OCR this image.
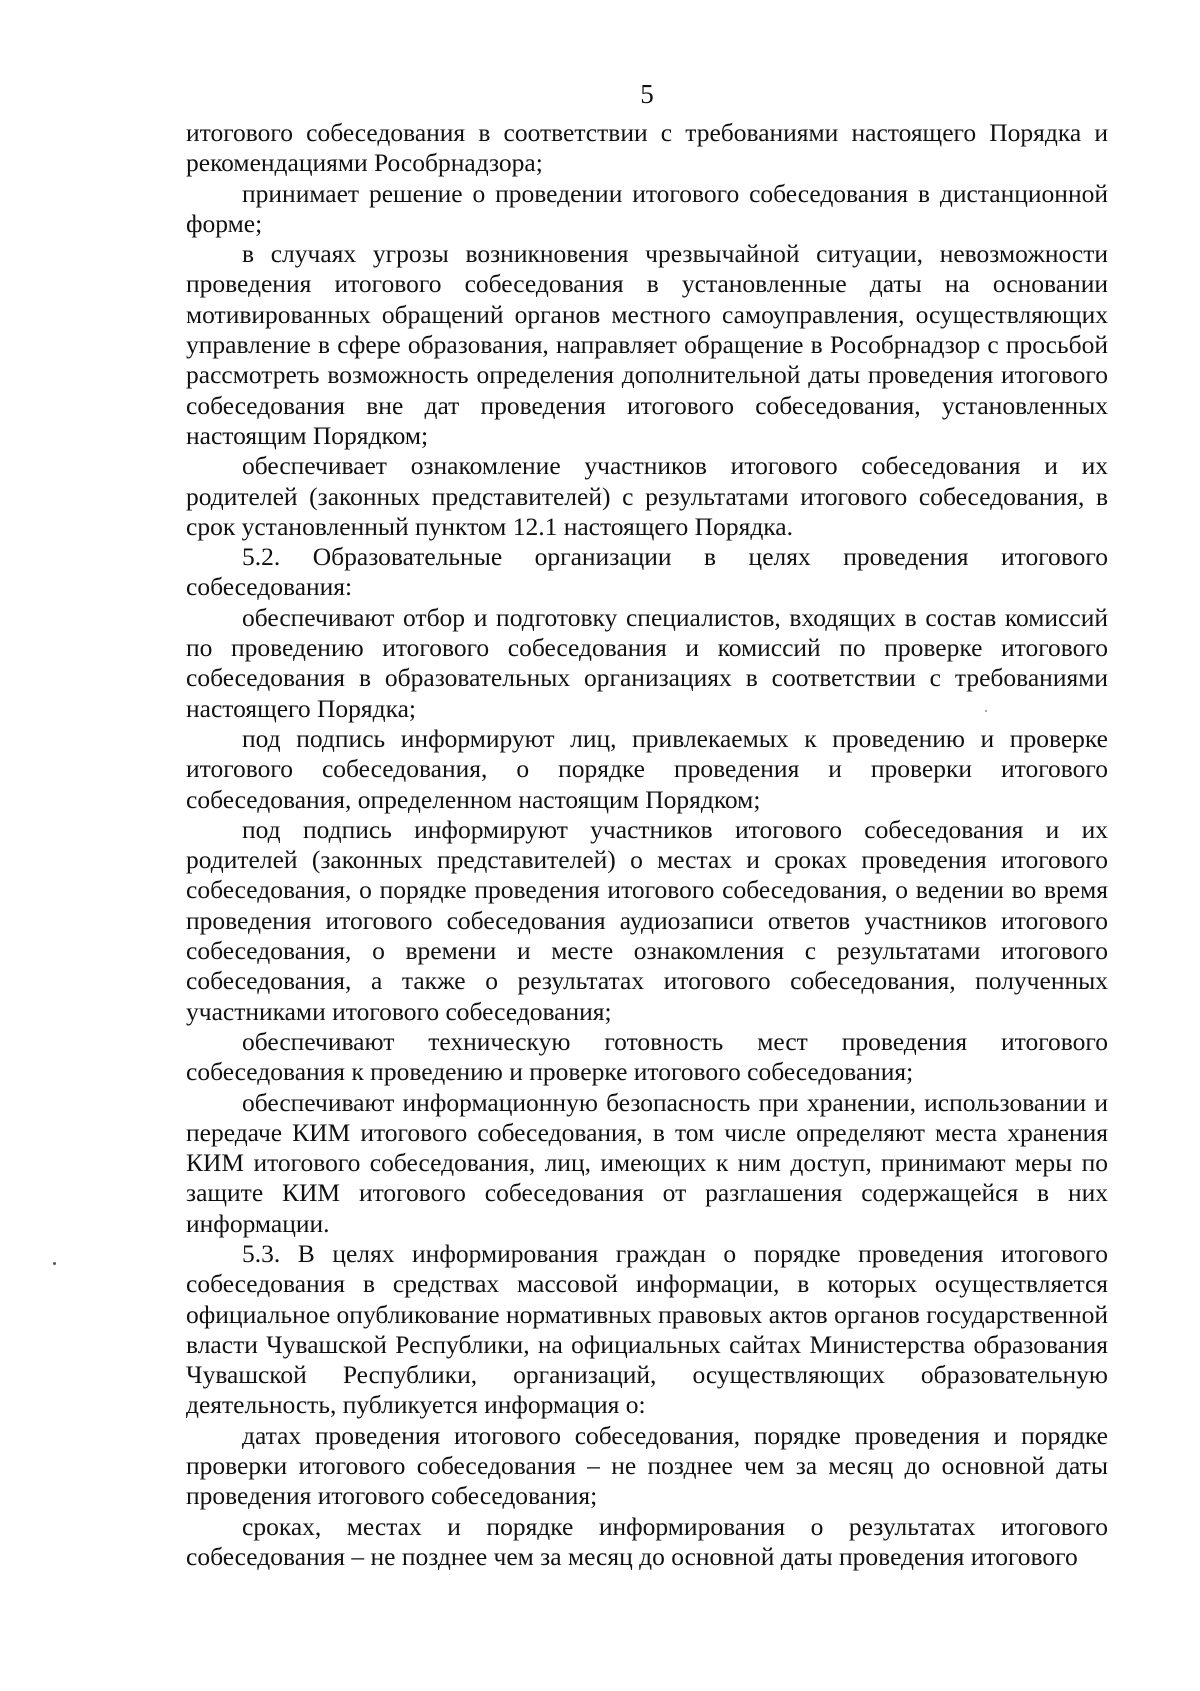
5

итогового собеседования в соответствии с требованиями настоящего Порядка и рекомендациями Рособрнадзора;

принимает решение о проведении итогового собеседования в дистанционной форме;

в случаях угрозы возникновения чрезвычайной ситуации, невозможности проведения итогового собеседования в установленные даты на основании мотивированных обращений органов местного самоуправления, осуществляющих управление в сфере образования, направляет обращение в Рособрнадзор с просьбой рассмотреть возможность определения дополнительной даты проведения итогового собеседования вне дат проведения итогового собеседования, установленных настоящим Порядком;

обеспечивает ознакомление участников итогового собеседования и их родителей (законных представителей) с результатами итогового собеседования, в срок установленный пунктом 12.1 настоящего Порядка.

5.2. Образовательные организации в целях проведения итогового собеседования:

обеспечивают отбор и подготовку специалистов, входящих в состав комиссий по проведению итогового собеседования и комиссий по проверке итогового собеседования в образовательных организациях в соответствии с требованиями настоящего Порядка;

под подпись информируют лиц, привлекаемых к проведению и проверке итогового собеседования, о порядке проведения и проверки итогового собеседования, определенном настоящим Порядком;

под подпись информируют участников итогового собеседования и их родителей (законных представителей) о местах и сроках проведения итогового собеседования, о порядке проведения итогового собеседования, о ведении во время проведения итогового собеседования аудиозаписи ответов участников итогового собеседования, о времени и месте ознакомления с результатами итогового собеседования, а также о результатах итогового собеседования, полученных участниками итогового собеседования;

обеспечивают техническую готовность мест проведения итогового собеседования к проведению и проверке итогового собеседования;

обеспечивают информационную безопасность при хранении, использовании и передаче КИМ итогового собеседования, в том числе определяют места хранения КИМ итогового собеседования, лиц, имеющих к ним доступ, принимают меры по защите КИМ итогового собеседования от разглашения содержащейся в них информации.

5.3. В целях информирования граждан о порядке проведения итогового собеседования в средствах массовой информации, в которых осуществляется официальное опубликование нормативных правовых актов органов государственной власти Чувашской Республики, на официальных сайтах Министерства образования Чувашской Республики, организаций, осуществляющих образовательную деятельность, публикуется информация о:

датах проведения итогового собеседования, порядке проведения и порядке проверки итогового собеседования – не позднее чем за месяц до основной даты проведения итогового собеседования;

сроках, местах и порядке информирования о результатах итогового собеседования – не позднее чем за месяц до основной даты проведения итогового
